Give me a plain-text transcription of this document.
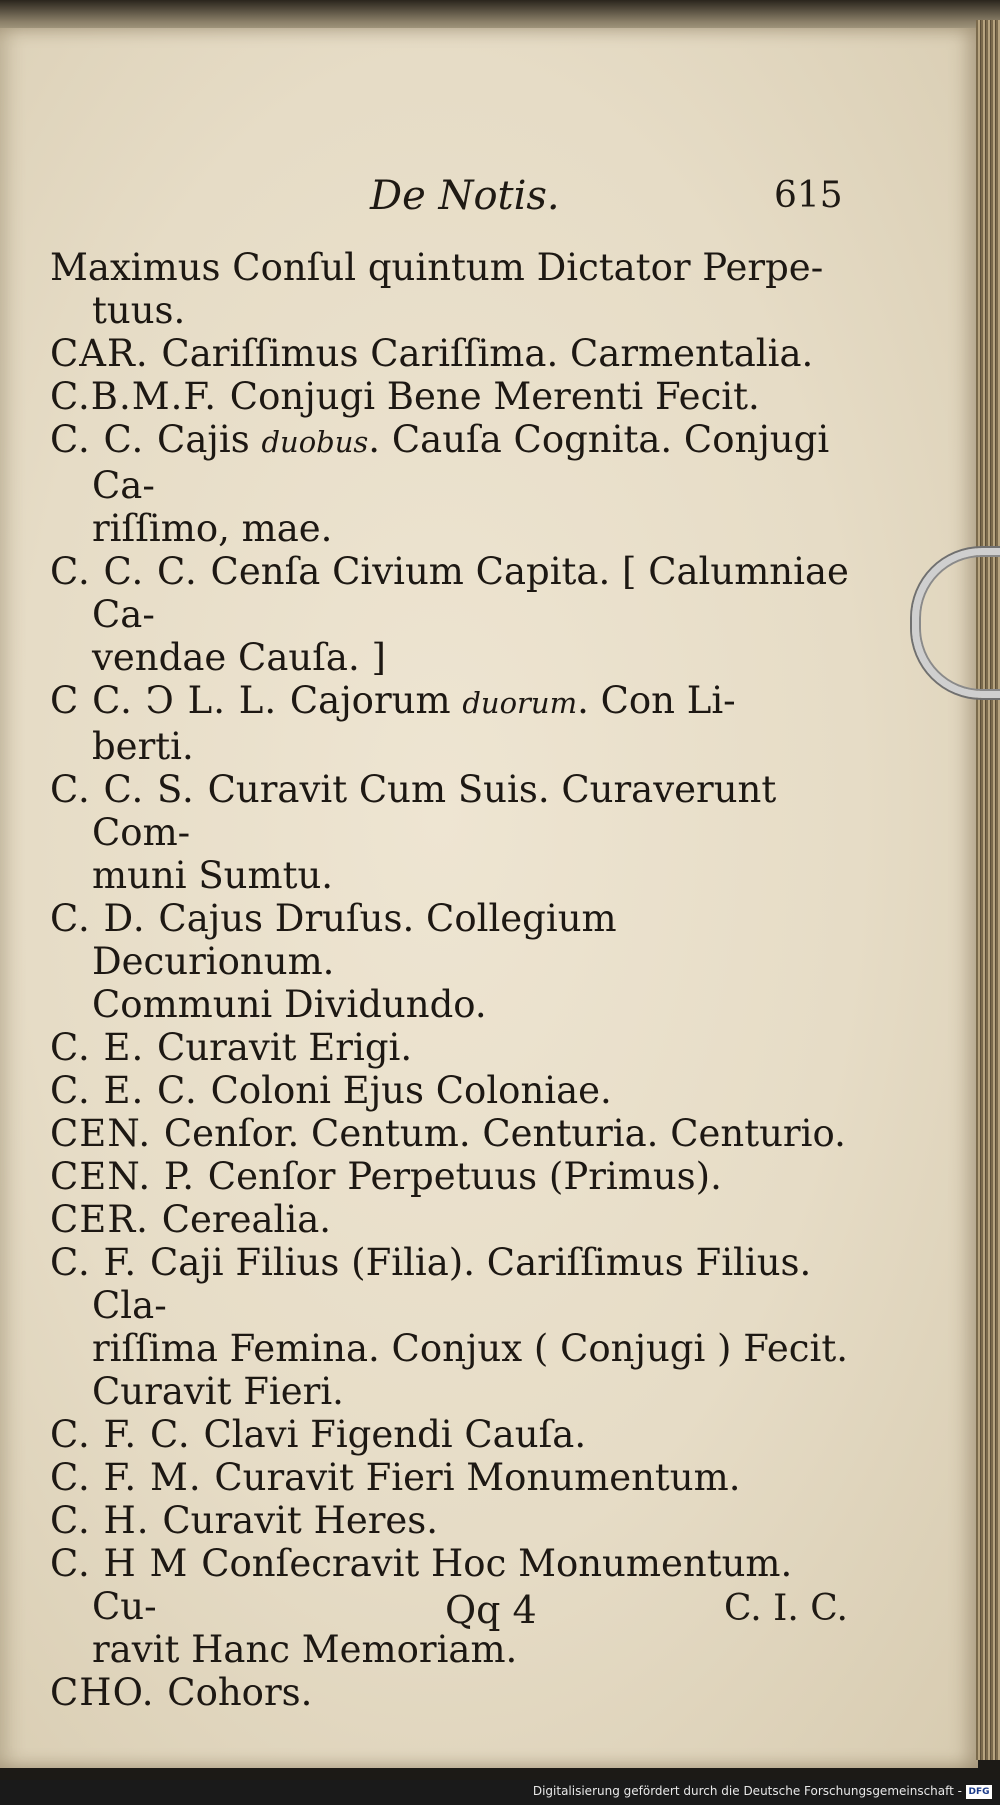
De Notis.	615

Maximus Conſul quintum Dictator Perpe-

tuus.

CAR. Cariſſimus Cariſſima. Carmentalia.

C.B.M.F. Conjugi Bene Merenti Fecit.

C. C. Cajis duobus. Cauſa Cognita. Conjugi Ca-

riſſimo, mae.

C. C. C. Cenſa Civium Capita. [ Calumniae Ca-

vendae Cauſa. ]

C C. Ↄ L. L. Cajorum duorum. Con Li-

berti.

C. C. S. Curavit Cum Suis. Curaverunt Com-

muni Sumtu.

C. D. Cajus Druſus. Collegium Decurionum.

Communi Dividundo.

C. E. Curavit Erigi.

C. E. C. Coloni Ejus Coloniae.

CEN. Cenſor. Centum. Centuria. Centurio.

CEN. P. Cenſor Perpetuus (Primus).

CER. Cerealia.

C. F. Caji Filius (Filia). Cariſſimus Filius. Cla-

riſſima Femina. Conjux ( Conjugi ) Fecit.

Curavit Fieri.

C. F. C. Clavi Figendi Cauſa.

C. F. M. Curavit Fieri Monumentum.

C. H. Curavit Heres.

C. H M Conſecravit Hoc Monumentum. Cu-

ravit Hanc Memoriam.

CHO. Cohors.

Qq 4	C. I. C.
Digitalisierung gefördert durch die Deutsche Forschungsgemeinschaft - DFG
